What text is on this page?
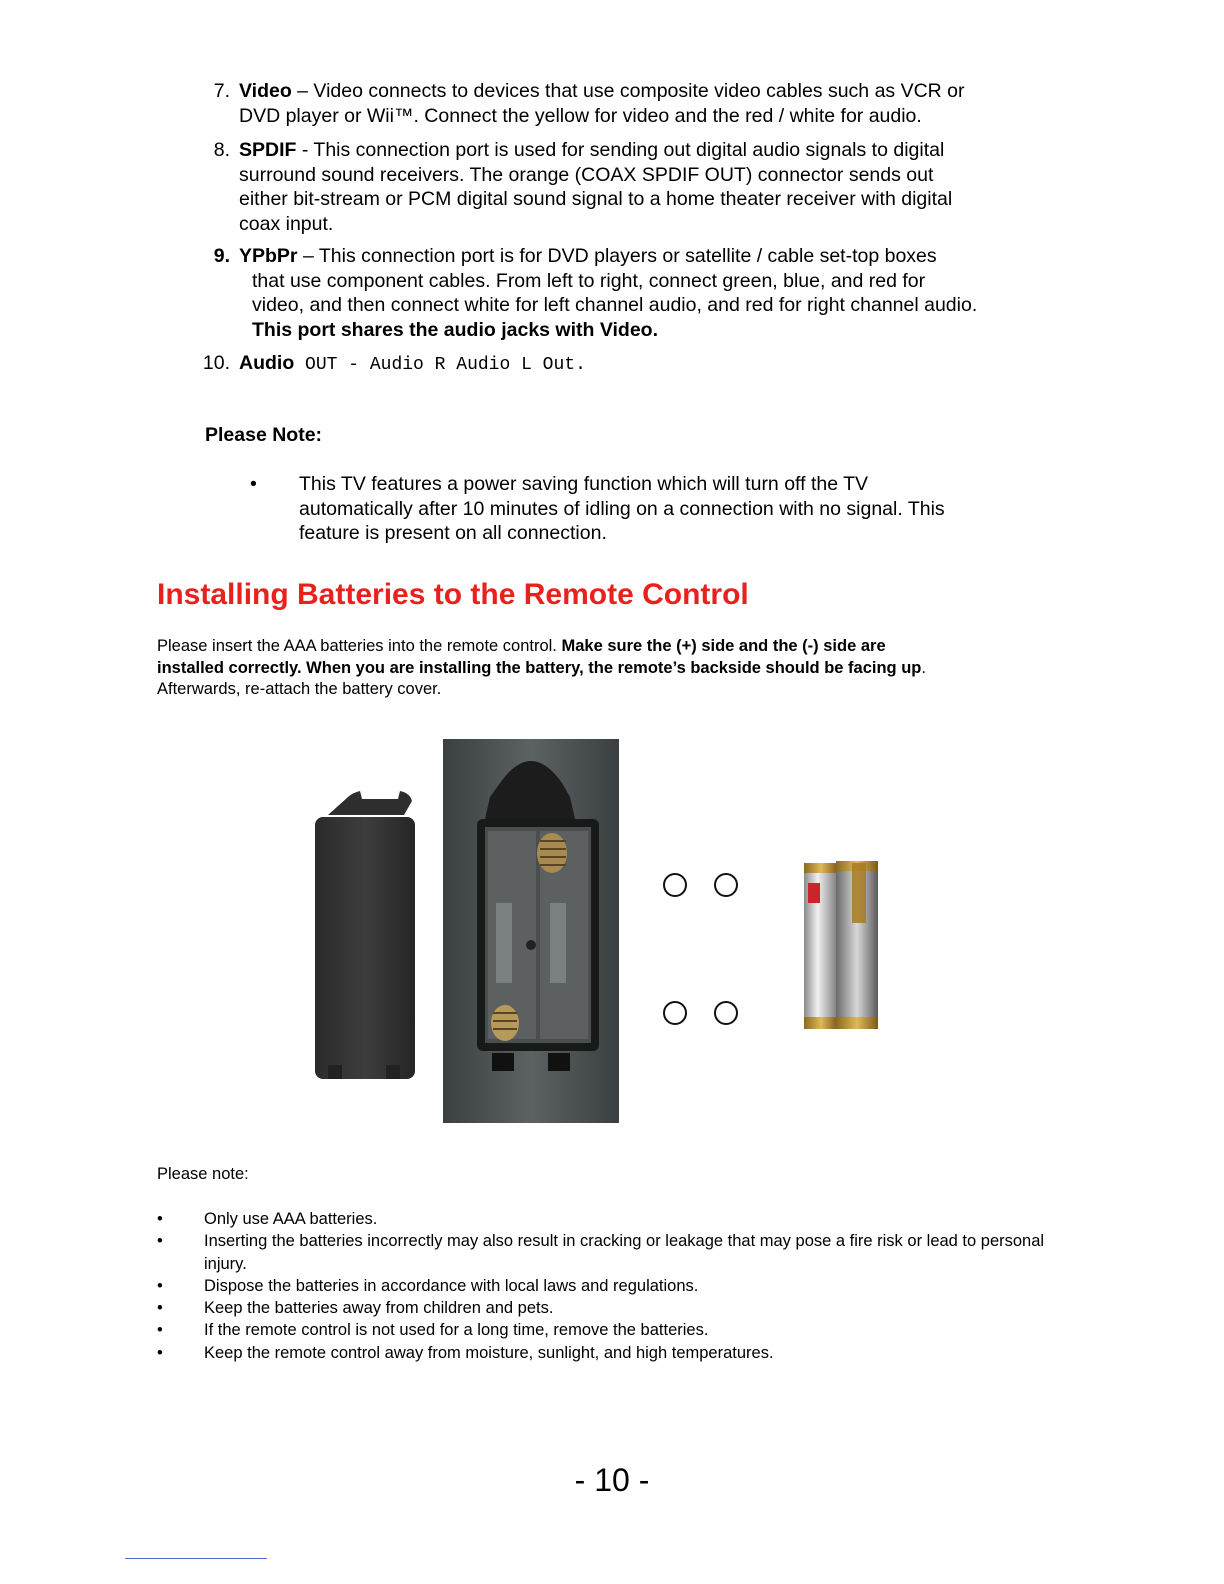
7. Video – Video connects to devices that use composite video cables such as VCR or
DVD player or Wii™. Connect the yellow for video and the red / white for audio.
8. SPDIF - This connection port is used for sending out digital audio signals to digital
surround sound receivers. The orange (COAX SPDIF OUT) connector sends out
either bit-stream or PCM digital sound signal to a home theater receiver with digital
coax input.
9. YPbPr – This connection port is for DVD players or satellite / cable set-top boxes
that use component cables. From left to right, connect green, blue, and red for
video, and then connect white for left channel audio, and red for right channel audio.
This port shares the audio jacks with Video.
10. Audio OUT - Audio R Audio L Out.
Please Note:
• This TV features a power saving function which will turn off the TV
automatically after 10 minutes of idling on a connection with no signal. This
feature is present on all connection.
Installing Batteries to the Remote Control
Please insert the AAA batteries into the remote control. Make sure the (+) side and the (-) side are
installed correctly. When you are installing the battery, the remote’s backside should be facing up.
Afterwards, re-attach the battery cover.
Please note:
• Only use AAA batteries.
• Inserting the batteries incorrectly may also result in cracking or leakage that may pose a fire risk or lead to personal injury.
• Dispose the batteries in accordance with local laws and regulations.
• Keep the batteries away from children and pets.
• If the remote control is not used for a long time, remove the batteries.
• Keep the remote control away from moisture, sunlight, and high temperatures.
- 10 -
